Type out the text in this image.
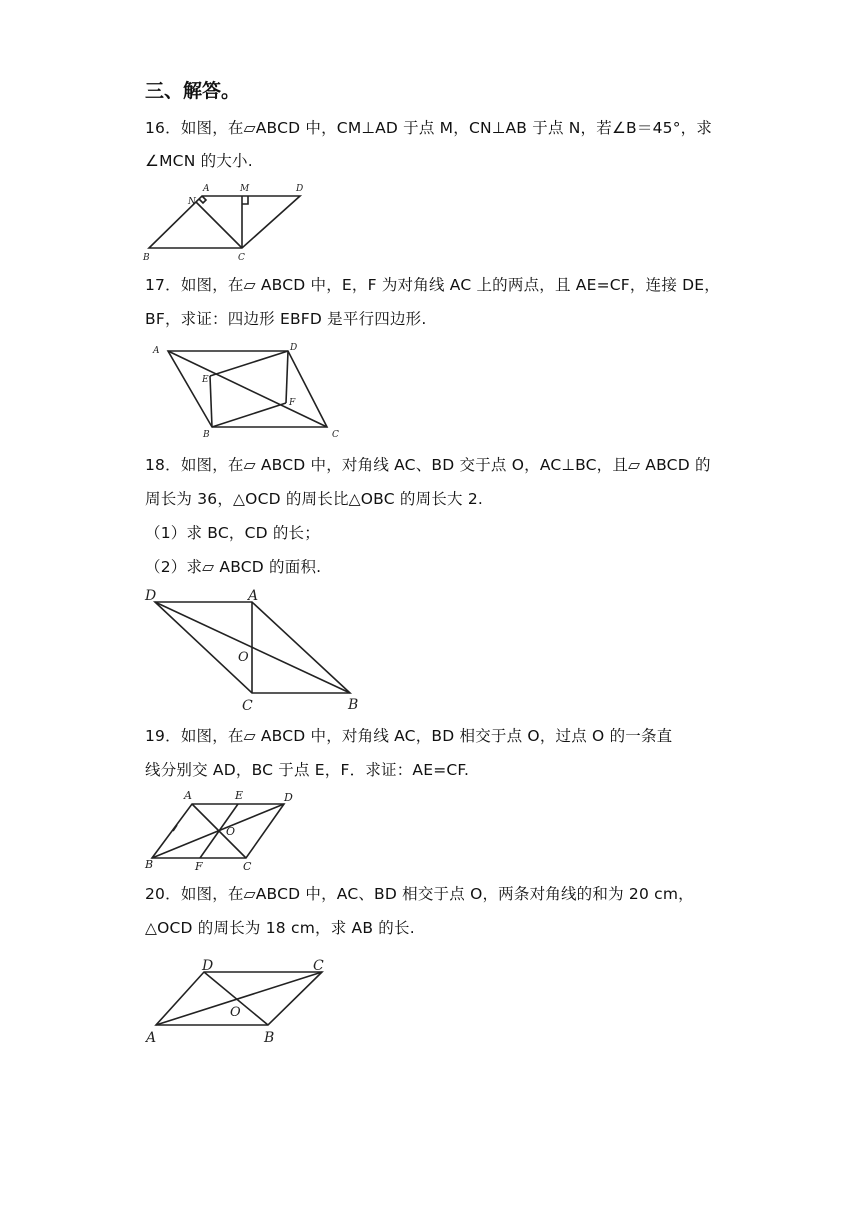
三、解答。
16．如图，在▱ABCD 中，CM⊥AD 于点 M，CN⊥AB 于点 N，若∠B＝45°，求
∠MCN 的大小.
A	M	D
N
B	C
17．如图，在▱ ABCD 中，E，F 为对角线 AC 上的两点，且 AE=CF，连接 DE，
BF，求证：四边形 EBFD 是平行四边形.
A	D
E
F
B	C
18．如图，在▱ ABCD 中，对角线 AC、BD 交于点 O，AC⊥BC，且▱ ABCD 的
周长为 36，△OCD 的周长比△OBC 的周长大 2.
（1）求 BC，CD 的长；
（2）求▱ ABCD 的面积.
D	A
O
C	B
19．如图，在▱ ABCD 中，对角线 AC，BD 相交于点 O，过点 O 的一条直
线分别交 AD，BC 于点 E，F．求证：AE=CF.
A	E	D
O
B	F	C
20．如图，在▱ABCD 中，AC、BD 相交于点 O，两条对角线的和为 20 cm，
△OCD 的周长为 18 cm，求 AB 的长.
D	C
O
A	B
